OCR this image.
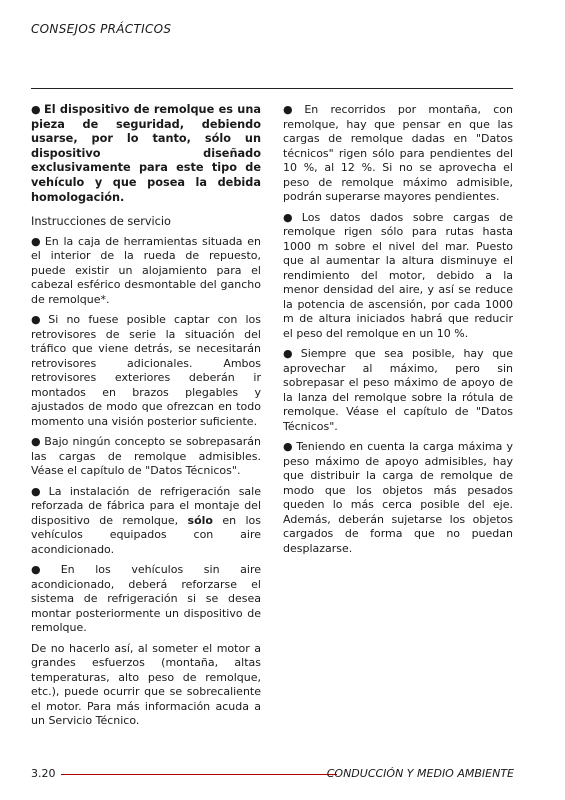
CONSEJOS PRÁCTICOS

● El dispositivo de remolque es una pieza de seguridad, debiendo usarse, por lo tanto, sólo un dispositivo diseñado exclusivamente para este tipo de vehículo y que posea la debida homologación.

Instrucciones de servicio

● En la caja de herramientas situada en el interior de la rueda de repuesto, puede existir un alojamiento para el cabezal esférico desmontable del gancho de remolque*.

● Si no fuese posible captar con los retrovisores de serie la situación del tráfico que viene detrás, se necesitarán retrovisores adicionales. Ambos retrovisores exteriores deberán ir montados en brazos plegables y ajustados de modo que ofrezcan en todo momento una visión posterior suficiente.

● Bajo ningún concepto se sobrepasarán las cargas de remolque admisibles. Véase el capítulo de "Datos Técnicos".

● La instalación de refrigeración sale reforzada de fábrica para el montaje del dispositivo de remolque, sólo en los vehículos equipados con aire acondicionado.

● En los vehículos sin aire acondicionado, deberá reforzarse el sistema de refrigeración si se desea montar posteriormente un dispositivo de remolque.

De no hacerlo así, al someter el motor a grandes esfuerzos (montaña, altas temperaturas, alto peso de remolque, etc.), puede ocurrir que se sobrecaliente el motor. Para más información acuda a un Servicio Técnico.

● En recorridos por montaña, con remolque, hay que pensar en que las cargas de remolque dadas en "Datos técnicos" rigen sólo para pendientes del 10 %, al 12 %. Si no se aprovecha el peso de remolque máximo admisible, podrán superarse mayores pendientes.

● Los datos dados sobre cargas de remolque rigen sólo para rutas hasta 1000 m sobre el nivel del mar. Puesto que al aumentar la altura disminuye el rendimiento del motor, debido a la menor densidad del aire, y así se reduce la potencia de ascensión, por cada 1000 m de altura iniciados habrá que reducir el peso del remolque en un 10 %.

● Siempre que sea posible, hay que aprovechar al máximo, pero sin sobrepasar el peso máximo de apoyo de la lanza del remolque sobre la rótula de remolque. Véase el capítulo de "Datos Técnicos".

● Teniendo en cuenta la carga máxima y peso máximo de apoyo admisibles, hay que distribuir la carga de remolque de modo que los objetos más pesados queden lo más cerca posible del eje. Además, deberán sujetarse los objetos cargados de forma que no puedan desplazarse.

3.20	CONDUCCIÓN Y MEDIO AMBIENTE
